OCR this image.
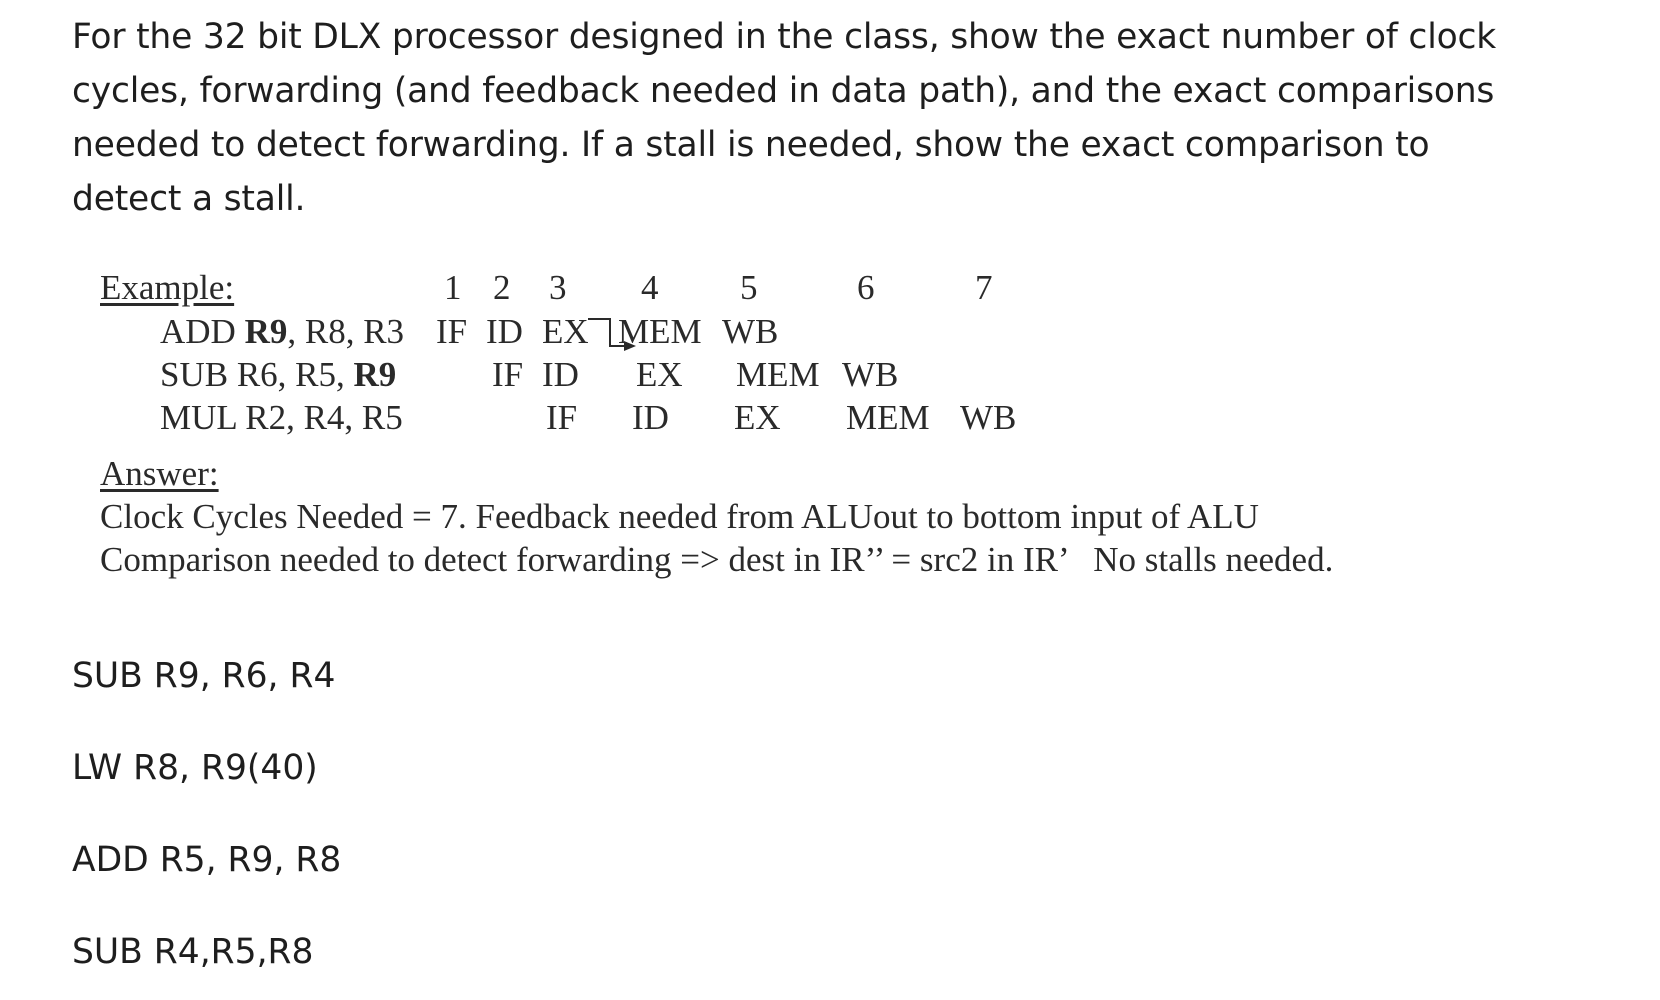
For the 32 bit DLX processor designed in the class, show the exact number of clock
cycles, forwarding (and feedback needed in data path), and the exact comparisons
needed to detect forwarding. If a stall is needed, show the exact comparison to
detect a stall.
Example:	1 2 3 4 5	6	7
ADD R9, R8, R3 IF ID EX MEM WB
SUB R6, R5, R9	IF ID EX MEM WB
MUL R2, R4, R5	IF ID EX MEM WB
Answer:
Clock Cycles Needed = 7. Feedback needed from ALUout to bottom input of ALU
Comparison needed to detect forwarding => dest in IR’’ = src2 in IR’   No stalls needed.
SUB R9, R6, R4
LW R8, R9(40)
ADD R5, R9, R8
SUB R4,R5,R8
